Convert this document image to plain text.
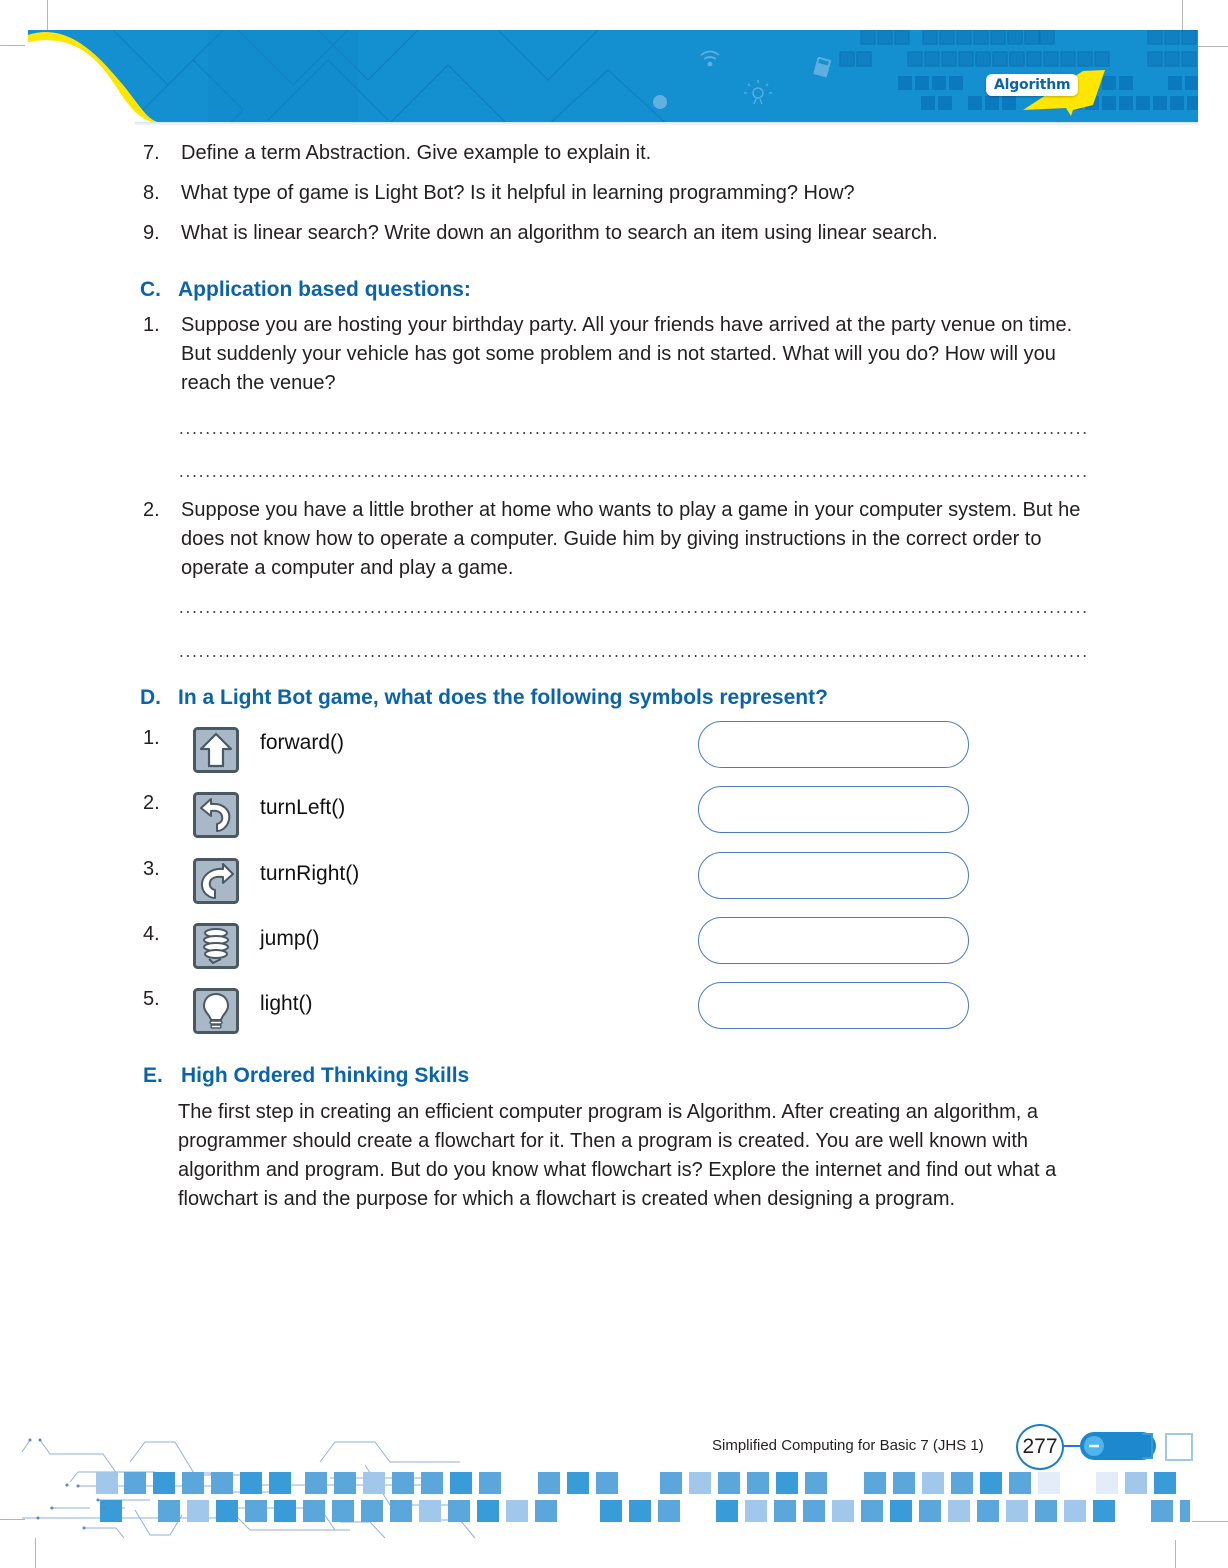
Algorithm
7. Define a term Abstraction. Give example to explain it.
8. What type of game is Light Bot? Is it helpful in learning programming? How?
9. What is linear search? Write down an algorithm to search an item using linear search.
C. Application based questions:
1. Suppose you are hosting your birthday party. All your friends have arrived at the party venue on time. But suddenly your vehicle has got some problem and is not started. What will you do? How will you reach the venue?
2. Suppose you have a little brother at home who wants to play a game in your computer system. But he does not know how to operate a computer. Guide him by giving instructions in the correct order to operate a computer and play a game.
D. In a Light Bot game, what does the following symbols represent?
1.	forward()
2.	turnLeft()
3.	turnRight()
4.	jump()
5.	light()
E. High Ordered Thinking Skills
The first step in creating an efficient computer program is Algorithm. After creating an algorithm, a programmer should create a flowchart for it. Then a program is created. You are well known with algorithm and program. But do you know what flowchart is? Explore the internet and find out what a flowchart is and the purpose for which a flowchart is created when designing a program.
Simplified Computing for Basic 7 (JHS 1)	277
